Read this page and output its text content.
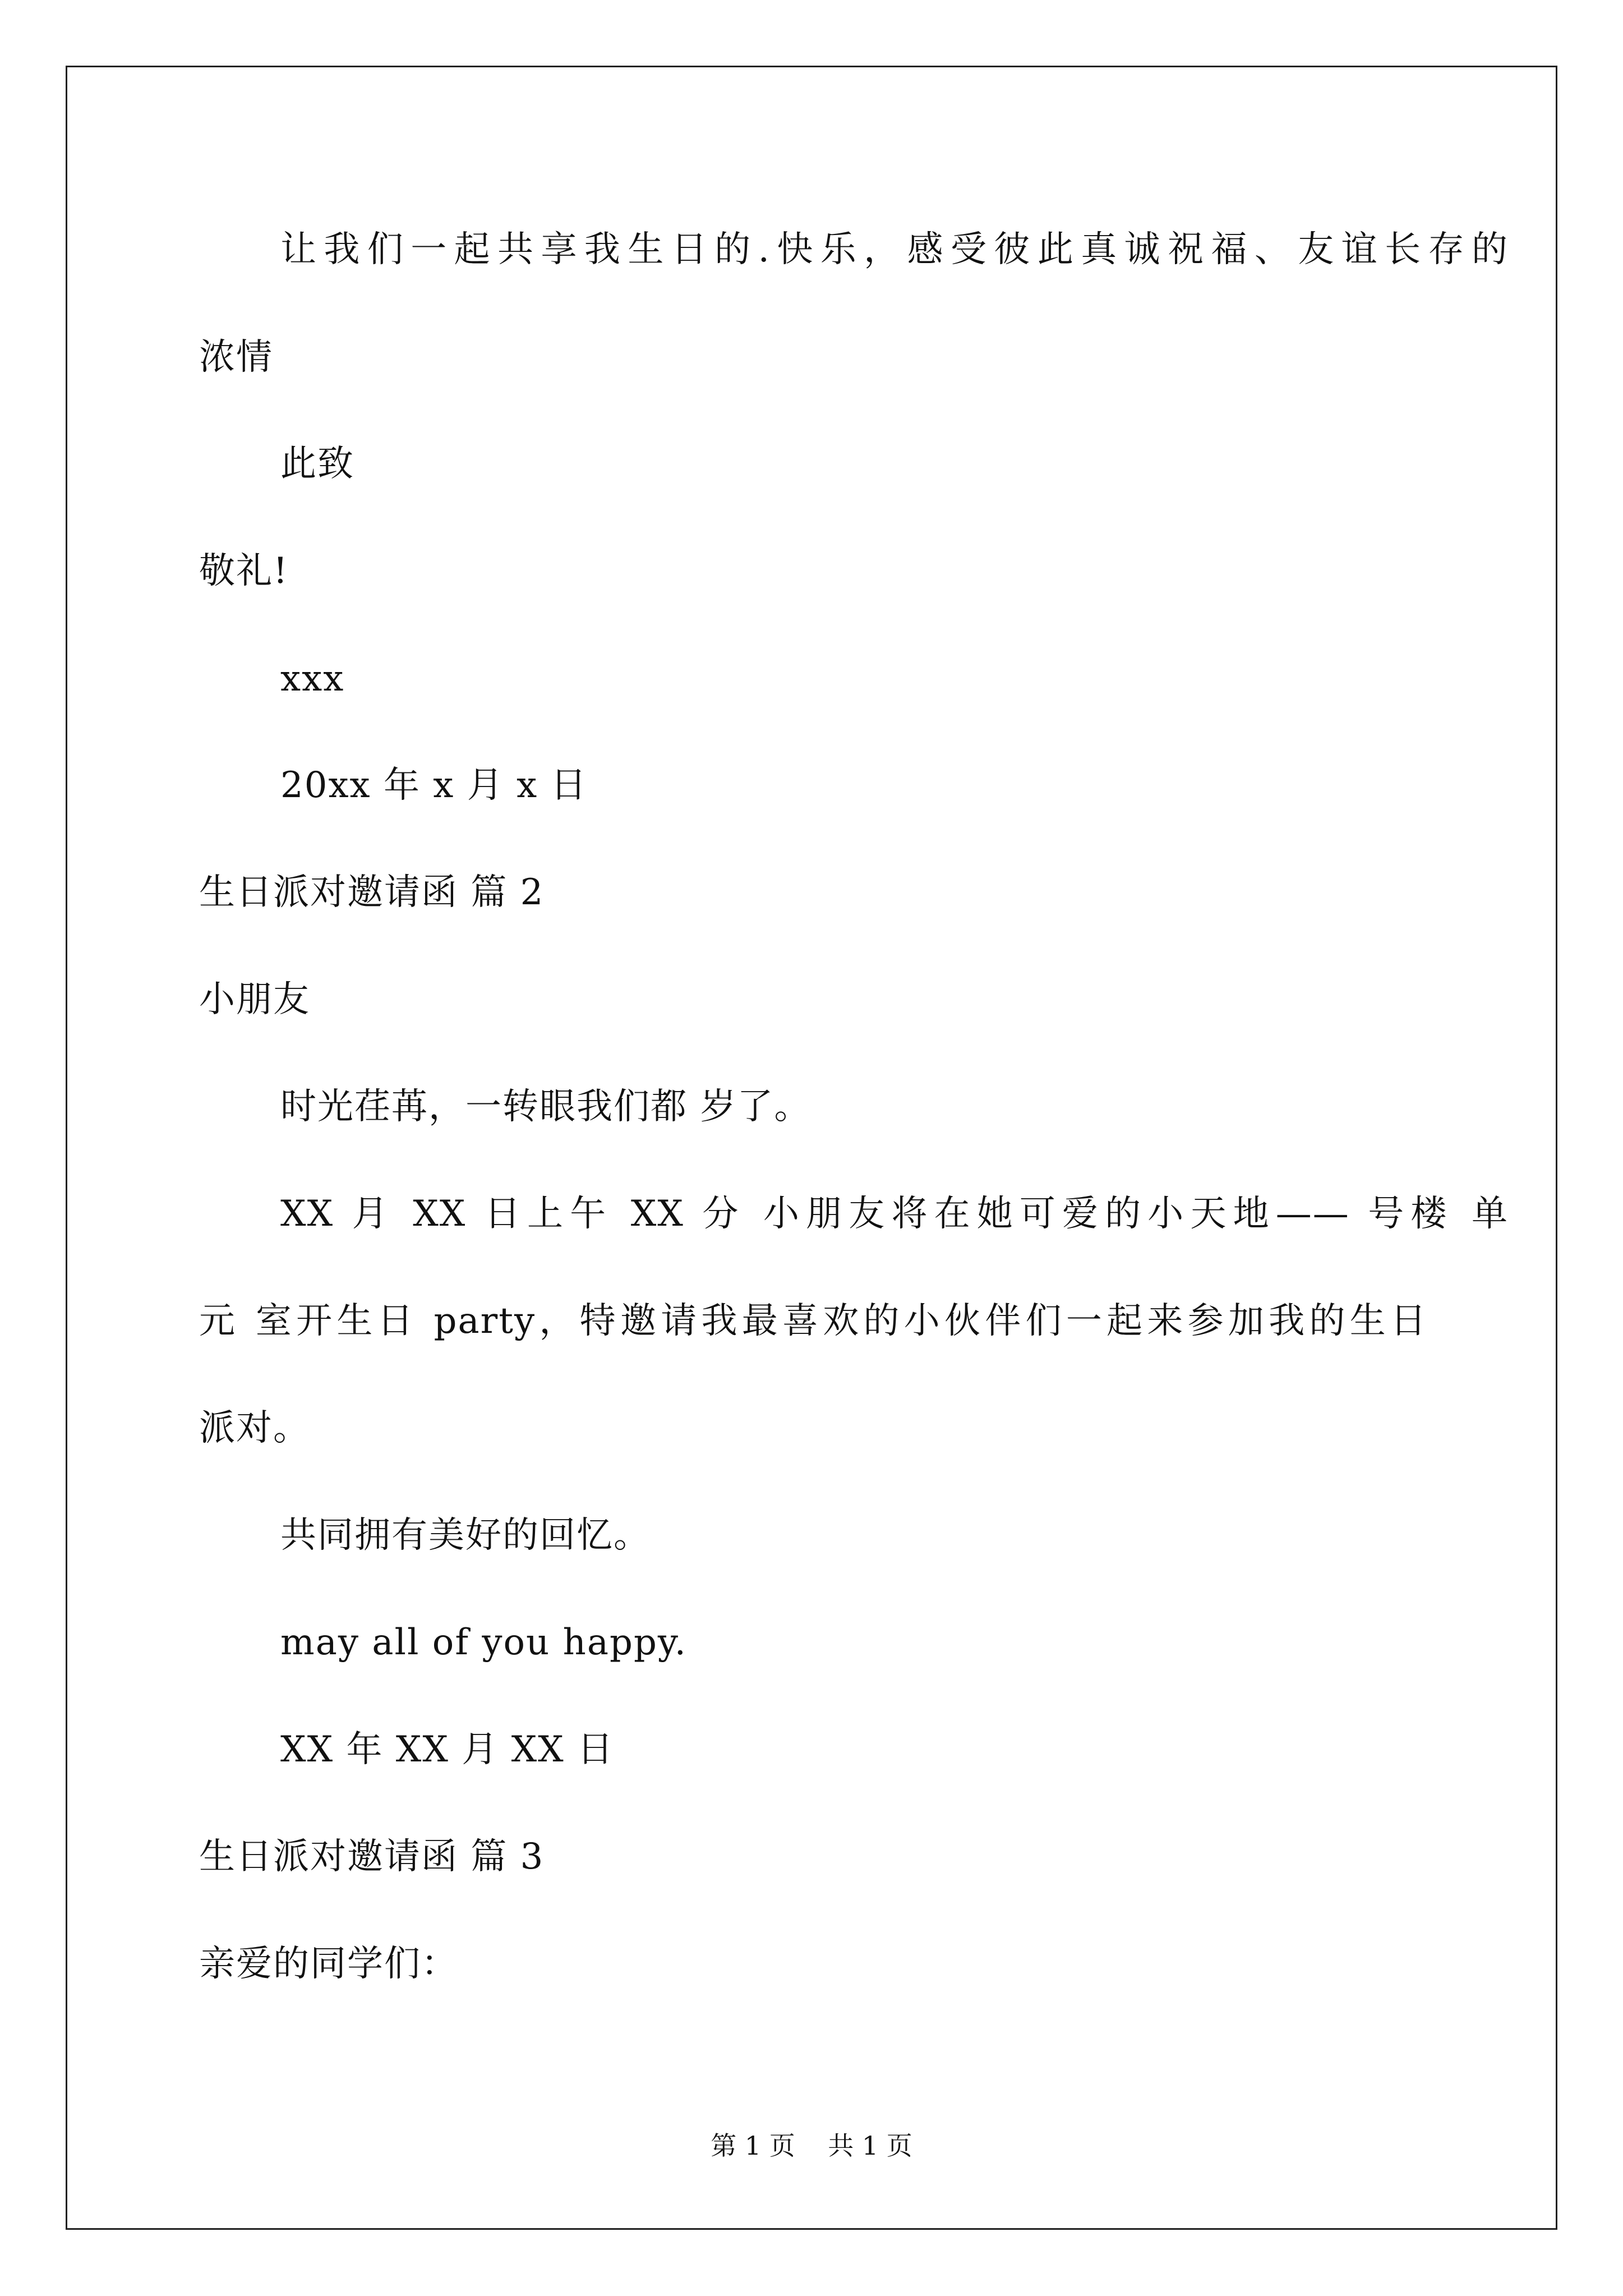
让我们一起共享我生日的.快乐，感受彼此真诚祝福、友谊长存的
浓情
此致
敬礼!
xxx
20xx 年 x 月 x 日
生日派对邀请函 篇 2
小朋友
时光荏苒，一转眼我们都 岁了。
XX 月 XX 日上午 XX 分 小朋友将在她可爱的小天地—— 号楼 单
元 室开生日 party，特邀请我最喜欢的小伙伴们一起来参加我的生日
派对。
共同拥有美好的回忆。
may all of you happy.
XX 年 XX 月 XX 日
生日派对邀请函 篇 3
亲爱的同学们：
第 1 页    共 1 页
